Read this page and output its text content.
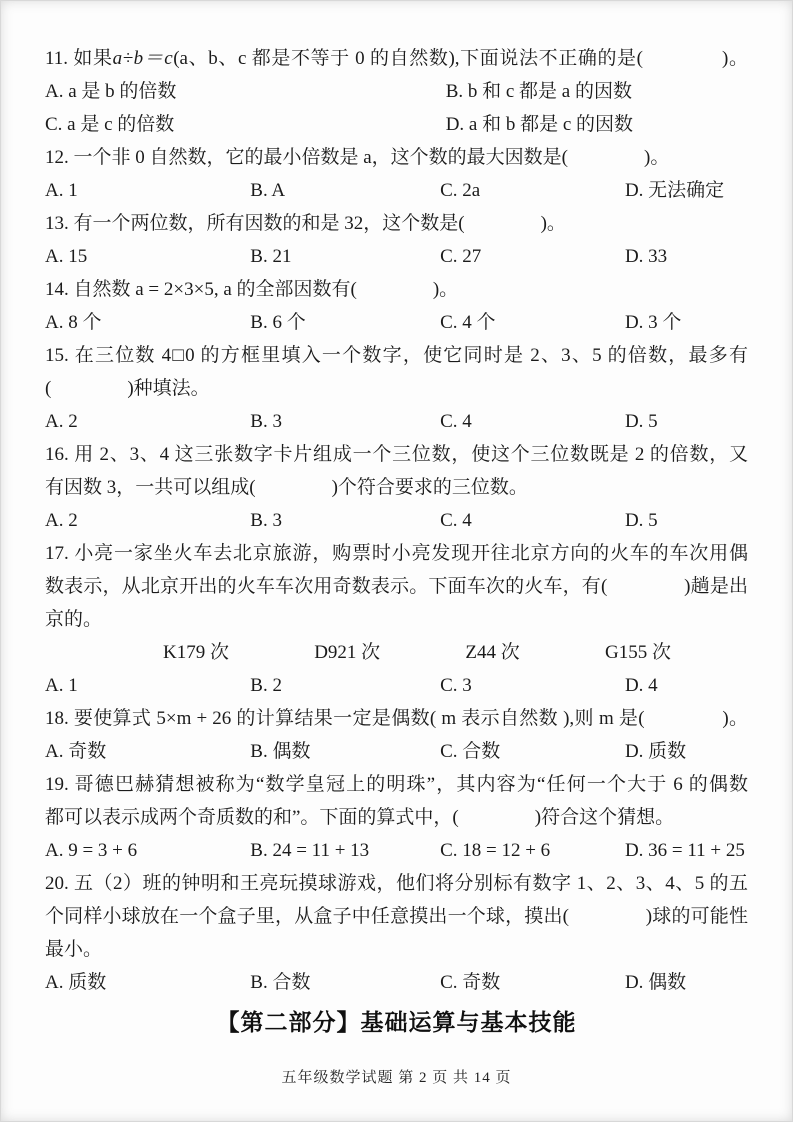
11. 如果a÷b＝c(a、b、c 都是不等于 0 的自然数),下面说法不正确的是(　　　　)。

A. a 是 b 的倍数	B. b 和 c 都是 a 的因数
C. a 是 c 的倍数	D. a 和 b 都是 c 的因数

12. 一个非 0 自然数，它的最小倍数是 a，这个数的最大因数是(　　　　)。

A. 1	B. A	C. 2a	D. 无法确定

13. 有一个两位数，所有因数的和是 32，这个数是(　　　　)。

A. 15	B. 21	C. 27	D. 33

14. 自然数 a = 2×3×5, a 的全部因数有(　　　　)。

A. 8 个	B. 6 个	C. 4 个	D. 3 个

15. 在三位数 4□0 的方框里填入一个数字，使它同时是 2、3、5 的倍数，最多有

(　　　　)种填法。

A. 2	B. 3	C. 4	D. 5

16. 用 2、3、4 这三张数字卡片组成一个三位数，使这个三位数既是 2 的倍数，又

有因数 3，一共可以组成(　　　　)个符合要求的三位数。

A. 2	B. 3	C. 4	D. 5

17. 小亮一家坐火车去北京旅游，购票时小亮发现开往北京方向的火车的车次用偶

数表示，从北京开出的火车车次用奇数表示。下面车次的火车，有(　　　　)趟是出

京的。

K179 次	D921 次	Z44 次	G155 次
A. 1	B. 2	C. 3	D. 4

18. 要使算式 5×m + 26 的计算结果一定是偶数( m 表示自然数 ),则 m 是(　　　　)。

A. 奇数	B. 偶数	C. 合数	D. 质数

19. 哥德巴赫猜想被称为“数学皇冠上的明珠”，其内容为“任何一个大于 6 的偶数

都可以表示成两个奇质数的和”。下面的算式中，(　　　　)符合这个猜想。

A. 9 = 3 + 6	B. 24 = 11 + 13	C. 18 = 12 + 6	D. 36 = 11 + 25

20. 五（2）班的钟明和王亮玩摸球游戏，他们将分别标有数字 1、2、3、4、5 的五

个同样小球放在一个盒子里，从盒子中任意摸出一个球，摸出(　　　　)球的可能性

最小。

A. 质数	B. 合数	C. 奇数	D. 偶数

【第二部分】基础运算与基本技能

五年级数学试题 第 2 页 共 14 页
